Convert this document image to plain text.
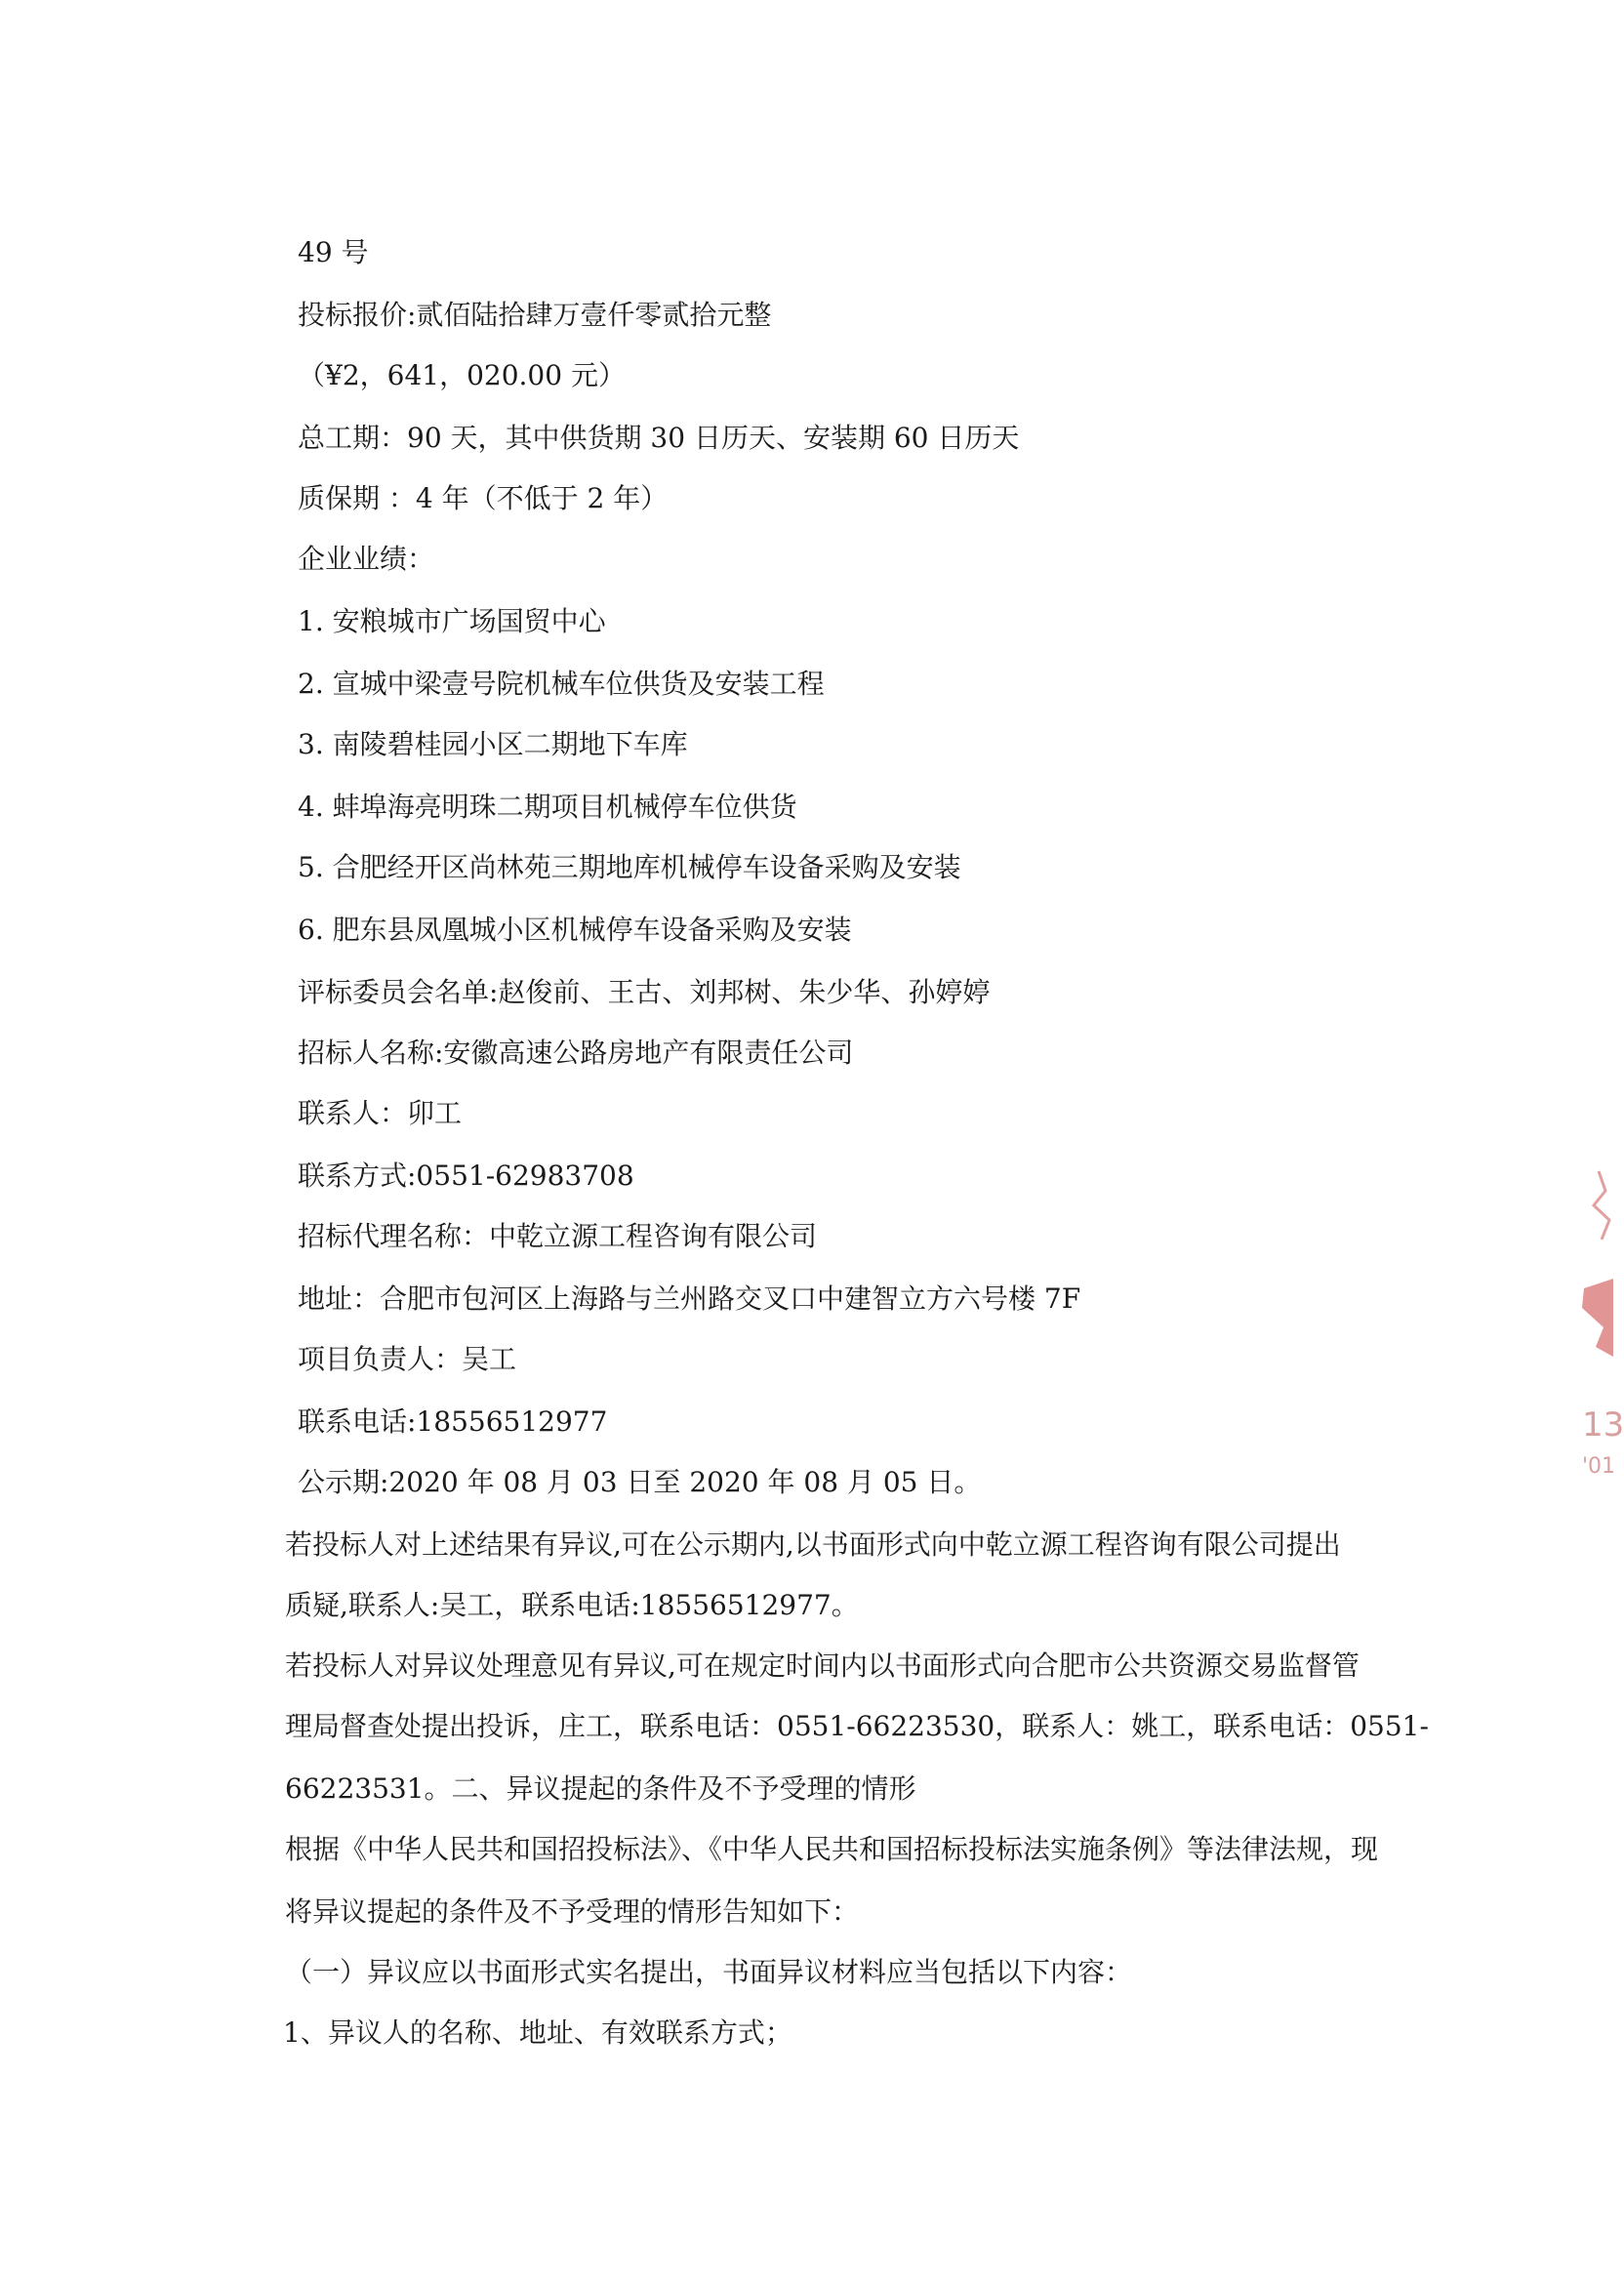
49 号
投标报价:贰佰陆拾肆万壹仟零贰拾元整
（¥2，641，020.00 元）
总工期：90 天，其中供货期 30 日历天、安装期 60 日历天
质保期 ：4 年（不低于 2 年）
企业业绩：
1. 安粮城市广场国贸中心
2. 宣城中梁壹号院机械车位供货及安装工程
3. 南陵碧桂园小区二期地下车库
4. 蚌埠海亮明珠二期项目机械停车位供货
5. 合肥经开区尚林苑三期地库机械停车设备采购及安装
6. 肥东县凤凰城小区机械停车设备采购及安装
评标委员会名单:赵俊前、王古、刘邦树、朱少华、孙婷婷
招标人名称:安徽高速公路房地产有限责任公司
联系人：卯工
联系方式:0551-62983708
招标代理名称：中乾立源工程咨询有限公司
地址：合肥市包河区上海路与兰州路交叉口中建智立方六号楼 7F
项目负责人：吴工
联系电话:18556512977
公示期:2020 年 08 月 03 日至 2020 年 08 月 05 日。
若投标人对上述结果有异议,可在公示期内,以书面形式向中乾立源工程咨询有限公司提出
质疑,联系人:吴工，联系电话:18556512977。
若投标人对异议处理意见有异议,可在规定时间内以书面形式向合肥市公共资源交易监督管
理局督查处提出投诉，庄工，联系电话：0551-66223530，联系人：姚工，联系电话：0551-
66223531。二、异议提起的条件及不予受理的情形
根据《中华人民共和国招投标法》、《中华人民共和国招标投标法实施条例》等法律法规，现
将异议提起的条件及不予受理的情形告知如下：
（一）异议应以书面形式实名提出，书面异议材料应当包括以下内容：
1、异议人的名称、地址、有效联系方式；
13
'01
